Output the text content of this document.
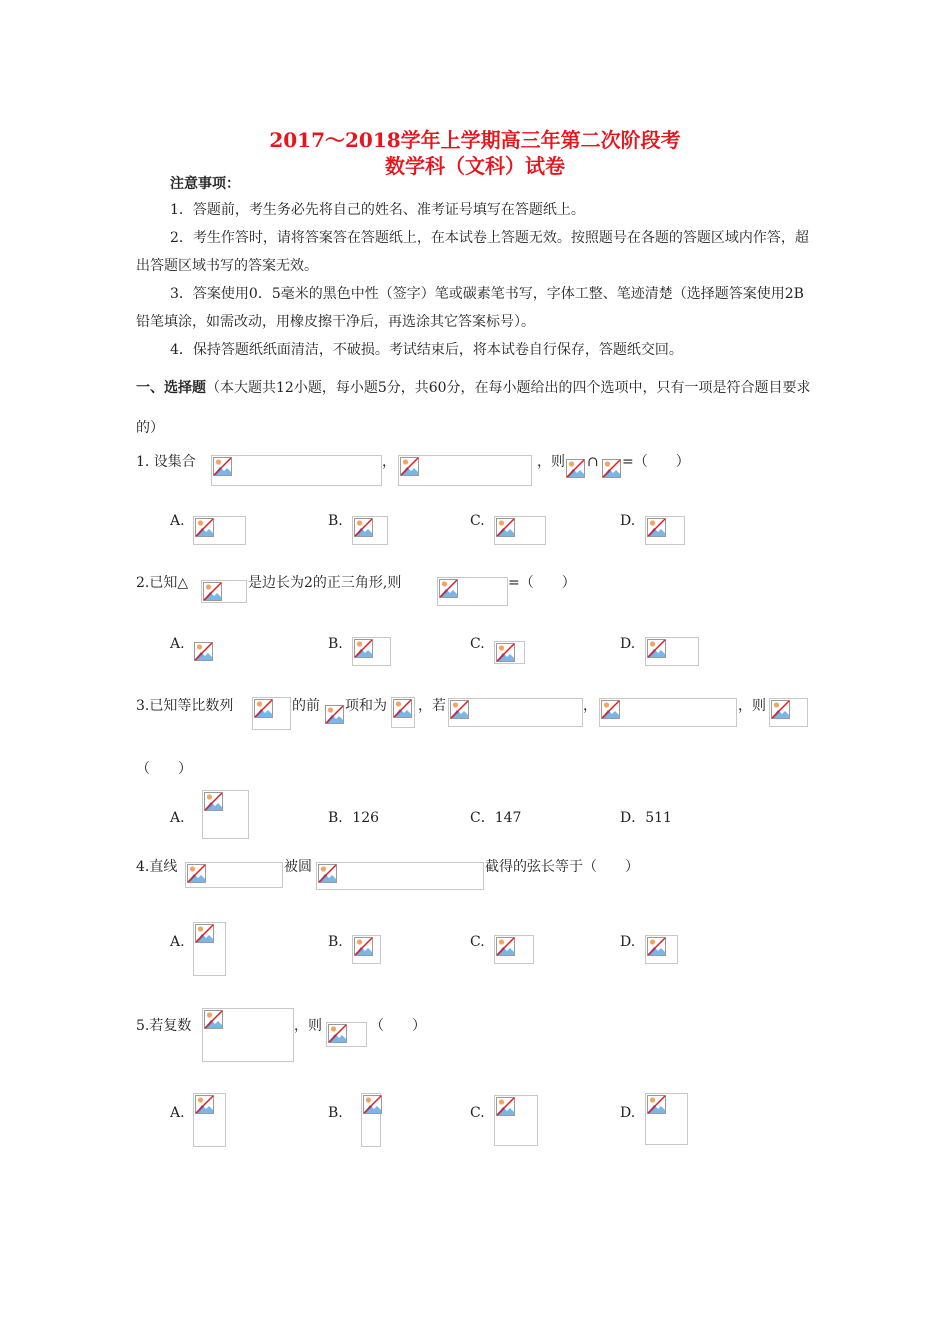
2017～2018学年上学期高三年第二次阶段考
数学科（文科）试卷
注意事项：
1．答题前，考生务必先将自己的姓名、准考证号填写在答题纸上。
2．考生作答时，请将答案答在答题纸上，在本试卷上答题无效。按照题号在各题的答题区域内作答，超出答题区域书写的答案无效。
3．答案使用0．5毫米的黑色中性（签字）笔或碳素笔书写，字体工整、笔迹清楚（选择题答案使用2B铅笔填涂，如需改动，用橡皮擦干净后，再选涂其它答案标号）。
4．保持答题纸纸面清洁，不破损。考试结束后，将本试卷自行保存，答题纸交回。
一、选择题（本大题共12小题，每小题5分，共60分，在每小题给出的四个选项中，只有一项是符合题目要求的）
1. 设集合	，	，则 ∩ =（　　）
A.	B.	C.	D.
2.已知△	是边长为2的正三角形,则	=（　　）
A.	B.	C.	D.
3.已知等比数列	的前 项和为 ，若	，	，则
（　　）
A.	B．126	C．147	D．511
4.直线	被圆	截得的弦长等于（　　）
A.	B.	C.	D.
5.若复数	，则	（　　）
A.	B.	C.	D.
